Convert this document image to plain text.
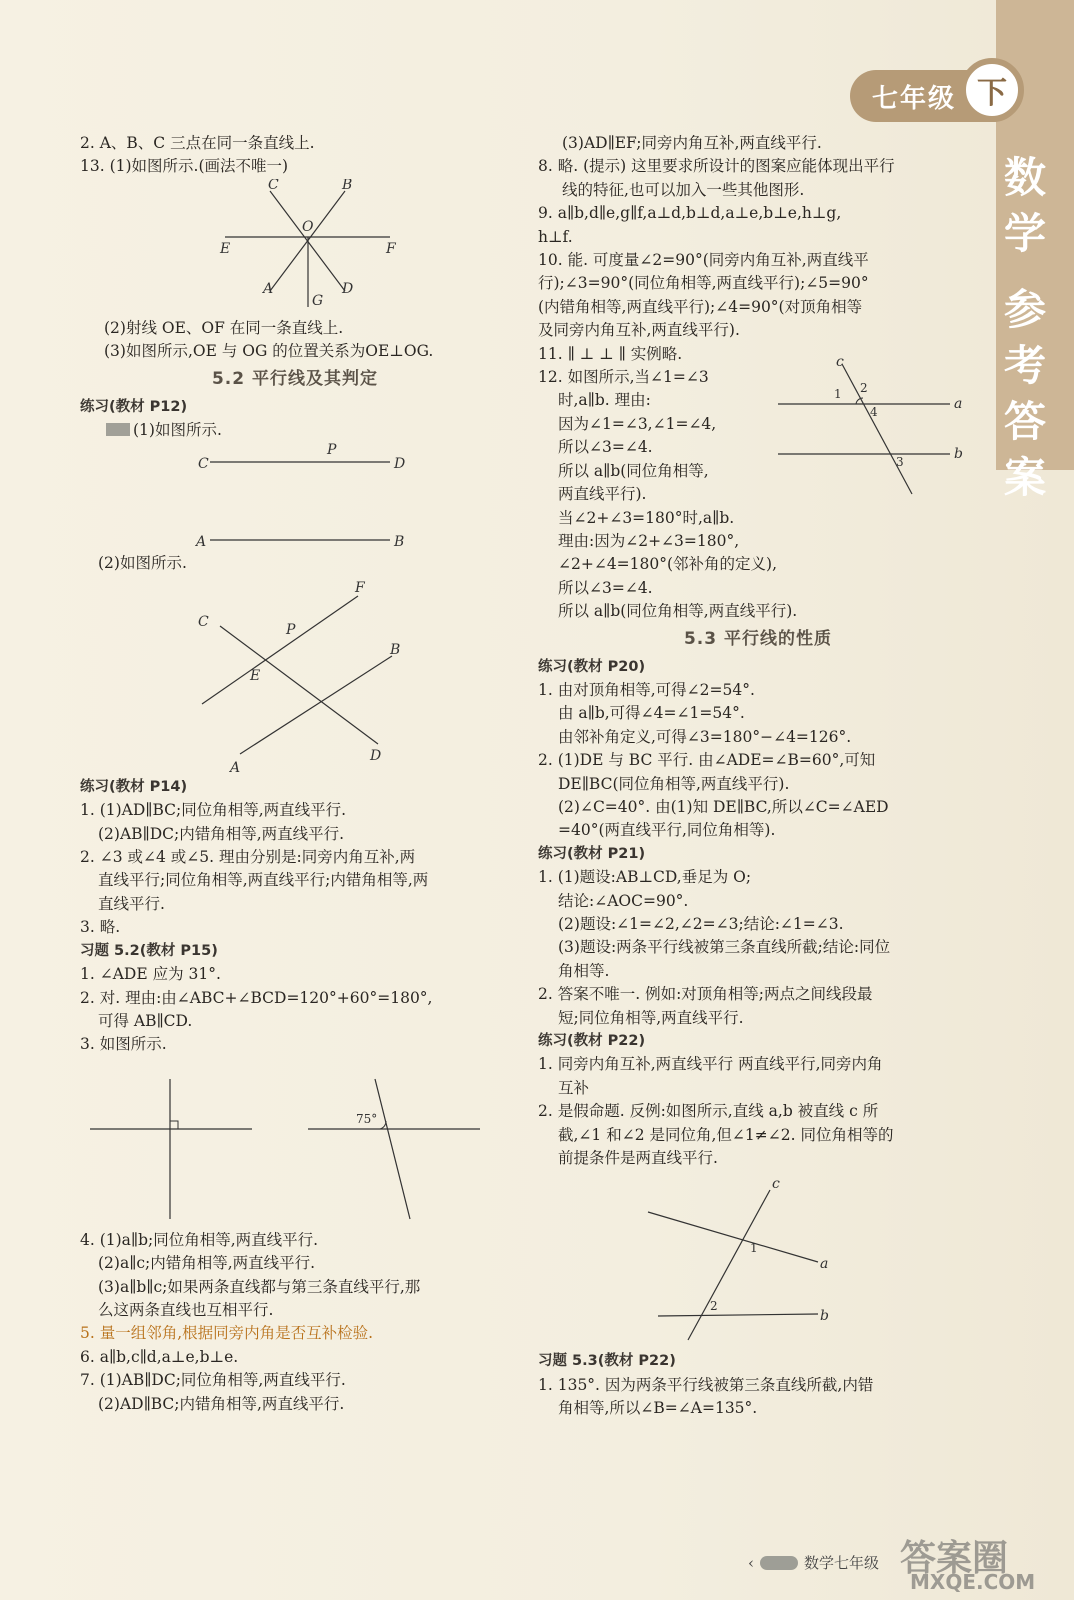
七年级 下
数
学
参
考
答
案
2. A、B、C 三点在同一条直线上.
13. (1)如图所示.(画法不唯一)
C	B
O
E	F
A	D
G
(2)射线 OE、OF 在同一条直线上.
(3)如图所示,OE 与 OG 的位置关系为OE⊥OG.
5.2 平行线及其判定
练习(教材 P12)
(1)如图所示.
C	D
P
A	B
(2)如图所示.
C
F
P
E
B
A
D
练习(教材 P14)
1. (1)AD∥BC;同位角相等,两直线平行.
(2)AB∥DC;内错角相等,两直线平行.
2. ∠3 或∠4 或∠5. 理由分别是:同旁内角互补,两
直线平行;同位角相等,两直线平行;内错角相等,两
直线平行.
3. 略.
习题 5.2(教材 P15)
1. ∠ADE 应为 31°.
2. 对. 理由:由∠ABC+∠BCD=120°+60°=180°,
可得 AB∥CD.
3. 如图所示.
75°
4. (1)a∥b;同位角相等,两直线平行.
(2)a∥c;内错角相等,两直线平行.
(3)a∥b∥c;如果两条直线都与第三条直线平行,那
么这两条直线也互相平行.
5. 量一组邻角,根据同旁内角是否互补检验.
6. a∥b,c∥d,a⊥e,b⊥e.
7. (1)AB∥DC;同位角相等,两直线平行.
(2)AD∥BC;内错角相等,两直线平行.
(3)AD∥EF;同旁内角互补,两直线平行.
8. 略. (提示) 这里要求所设计的图案应能体现出平行
线的特征,也可以加入一些其他图形.
9. a∥b,d∥e,g∥f,a⊥d,b⊥d,a⊥e,b⊥e,h⊥g,
h⊥f.
10. 能. 可度量∠2=90°(同旁内角互补,两直线平
行);∠3=90°(同位角相等,两直线平行);∠5=90°
(内错角相等,两直线平行);∠4=90°(对顶角相等
及同旁内角互补,两直线平行).
11. ∥ ⊥ ⊥ ∥ 实例略.
12. 如图所示,当∠1=∠3
时,a∥b. 理由:
因为∠1=∠3,∠1=∠4,
所以∠3=∠4.
所以 a∥b(同位角相等,
两直线平行).
c
a
b
1 2
4
3
当∠2+∠3=180°时,a∥b.
理由:因为∠2+∠3=180°,
∠2+∠4=180°(邻补角的定义),
所以∠3=∠4.
所以 a∥b(同位角相等,两直线平行).
5.3 平行线的性质
练习(教材 P20)
1. 由对顶角相等,可得∠2=54°.
由 a∥b,可得∠4=∠1=54°.
由邻补角定义,可得∠3=180°−∠4=126°.
2. (1)DE 与 BC 平行. 由∠ADE=∠B=60°,可知
DE∥BC(同位角相等,两直线平行).
(2)∠C=40°. 由(1)知 DE∥BC,所以∠C=∠AED
=40°(两直线平行,同位角相等).
练习(教材 P21)
1. (1)题设:AB⊥CD,垂足为 O;
结论:∠AOC=90°.
(2)题设:∠1=∠2,∠2=∠3;结论:∠1=∠3.
(3)题设:两条平行线被第三条直线所截;结论:同位
角相等.
2. 答案不唯一. 例如:对顶角相等;两点之间线段最
短;同位角相等,两直线平行.
练习(教材 P22)
1. 同旁内角互补,两直线平行 两直线平行,同旁内角
互补
2. 是假命题. 反例:如图所示,直线 a,b 被直线 c 所
截,∠1 和∠2 是同位角,但∠1≠∠2. 同位角相等的
前提条件是两直线平行.
c
a
b
1
2
习题 5.3(教材 P22)
1. 135°. 因为两条平行线被第三条直线所截,内错
角相等,所以∠B=∠A=135°.
‹	数学七年级 答案圈
MXQE.COM
